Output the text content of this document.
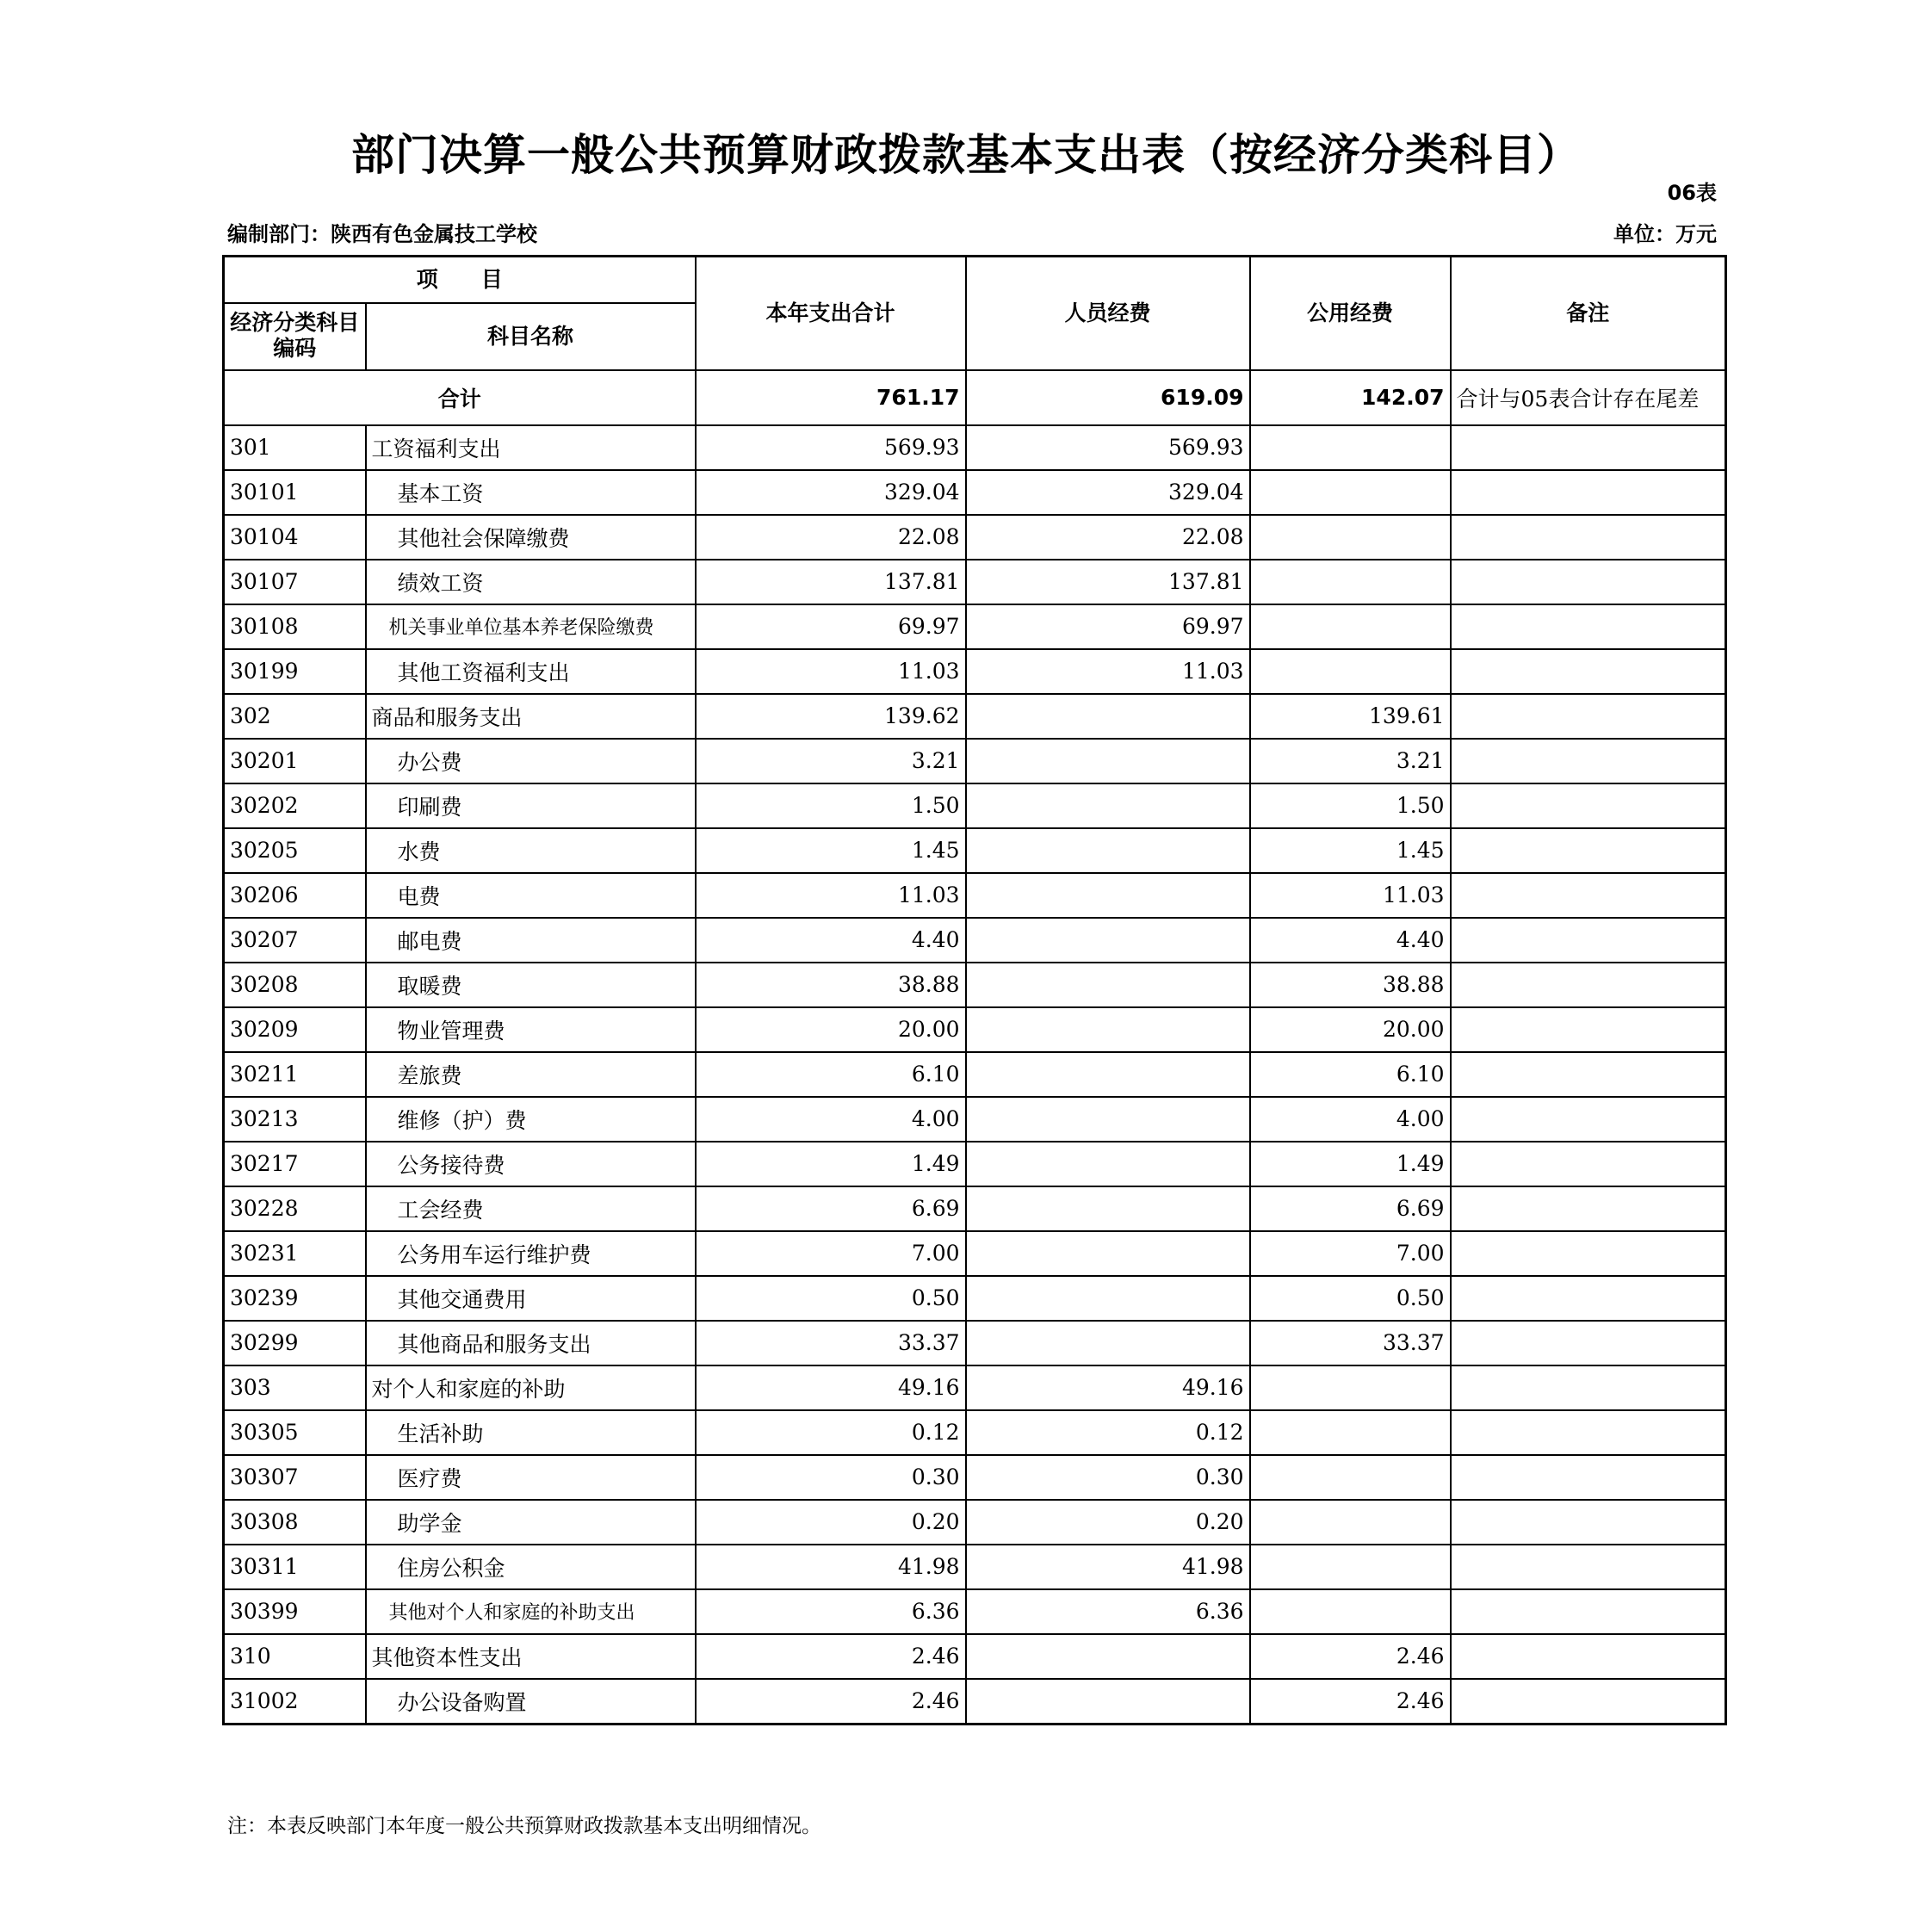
部门决算一般公共预算财政拨款基本支出表（按经济分类科目）
06表
编制部门：陕西有色金属技工学校	单位：万元
项　　目		本年支出合计	人员经费	公用经费	备注
经济分类科目编码	科目名称				
合计		761.17	619.09	142.07	合计与05表合计存在尾差
301	工资福利支出	569.93	569.93		
30101	基本工资	329.04	329.04		
30104	其他社会保障缴费	22.08	22.08		
30107	绩效工资	137.81	137.81		
30108	机关事业单位基本养老保险缴费	69.97	69.97		
30199	其他工资福利支出	11.03	11.03		
302	商品和服务支出	139.62		139.61	
30201	办公费	3.21		3.21	
30202	印刷费	1.50		1.50	
30205	水费	1.45		1.45	
30206	电费	11.03		11.03	
30207	邮电费	4.40		4.40	
30208	取暖费	38.88		38.88	
30209	物业管理费	20.00		20.00	
30211	差旅费	6.10		6.10	
30213	维修（护）费	4.00		4.00	
30217	公务接待费	1.49		1.49	
30228	工会经费	6.69		6.69	
30231	公务用车运行维护费	7.00		7.00	
30239	其他交通费用	0.50		0.50	
30299	其他商品和服务支出	33.37		33.37	
303	对个人和家庭的补助	49.16	49.16		
30305	生活补助	0.12	0.12		
30307	医疗费	0.30	0.30		
30308	助学金	0.20	0.20		
30311	住房公积金	41.98	41.98		
30399	其他对个人和家庭的补助支出	6.36	6.36		
310	其他资本性支出	2.46		2.46	
31002	办公设备购置	2.46		2.46	
注：本表反映部门本年度一般公共预算财政拨款基本支出明细情况。
